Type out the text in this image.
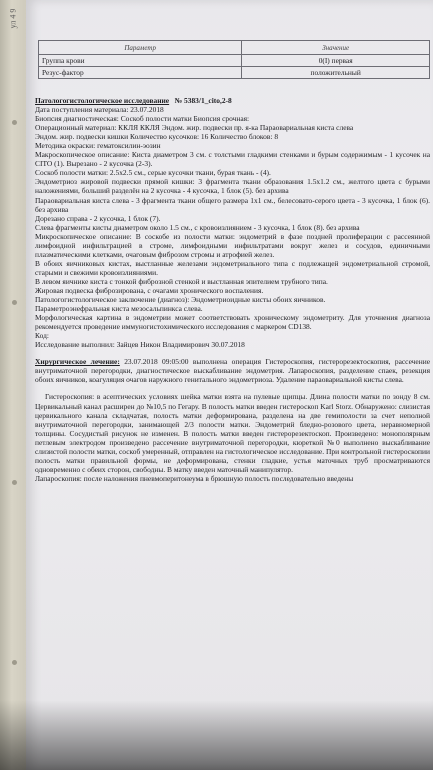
ул 4 9
Параметр	Значение
Группа крови	0(I) первая
Резус-фактор	положительный

Патологогистологическое исследование № 5383/1_cito,2-8

Дата поступления материала: 23.07.2018

Биопсия диагностическая: Соскоб полости матки Биопсия срочная:

Операционный материал: ККЛЯ ККЛЯ Эндом. жир. подвески пр. я-ка Параовариальная киста слева

Эндом. жир. подвески кишки Количество кусочков: 16 Количество блоков: 8

Методика окраски: гематоксилин-эозин

Макроскопическое описание: Киста диаметром 3 см. с толстыми гладкими стенками и бурым содержимым - 1 кусочек на CITO (1). Вырезано - 2 кусочка (2-3).

Соскоб полости матки: 2.5х2.5 см., серые кусочки ткани, бурая ткань - (4).

Эндометриоз жировой подвески прямой кишки: 3 фрагмента ткани образования 1.5х1.2 см., желтого цвета с бурыми наложениями, больший разделён на 2 кусочка - 4 кусочка, 1 блок (5). без архива

Параовариальная киста слева - 3 фрагмента ткани общего размера 1х1 см., белесовато-серого цвета - 3 кусочка, 1 блок (6). без архива

Дорезано справа - 2 кусочка, 1 блок (7).

Слева фрагменты кисты диаметром около 1.5 см., с кровоизлиянием - 3 кусочка, 1 блок (8). без архива

Микроскопическое описание: В соскобе из полости матки: эндометрий в фазе поздней пролиферации с рассеянной лимфоидной инфильтрацией в строме, лимфоидными инфильтратами вокруг желез и сосудов, единичными плазматическими клетками, очаговым фиброзом стромы и атрофией желез.

В обоих яичниковых кистах, выстланные железами эндометриального типа с подлежащей эндометриальной стромой, старыми и свежими кровоизлияниями.

В левом яичнике киста с тонкой фиброзной стенкой и выстланная эпителием трубного типа.

Жировая подвеска фиброзирована, с очагами хронического воспаления.

Патологогистологическое заключение (диагноз): Эндометриоидные кисты обоих яичников.

Параметроэнефральная киста мезосальпинкса слева.

Морфологическая картина в эндометрии может соответствовать хроническому эндометриту. Для уточнения диагноза рекомендуется проведение иммуногистохимического исследования с маркером CD138.

Код:

Исследование выполнил: Зайцев Никон Владимирович 30.07.2018

Хирургическое лечение: 23.07.2018 09:05:00 выполнена операция Гистероскопия, гистерорезектоскопия, рассечение внутриматочной перегородки, диагностическое выскабливание эндометрия. Лапароскопия, разделение спаек, резекция обоих яичников, коагуляция очагов наружного генитального эндометриоза. Удаление параовариальной кисты слева.

Гистероскопия: в асептических условиях шейка матки взята на пулевые щипцы. Длина полости матки по зонду 8 см. Цервикальный канал расширен до №10,5 по Гегару. В полость матки введен гистероскоп Karl Storz. Обнаружено: слизистая цервикального канала складчатая, полость матки деформирована, разделена на две гемиполости за счет неполной внутриматочной перегородки, занимающей 2/3 полости матки. Эндометрий бледно-розового цвета, неравномерной толщины. Сосудистый рисунок не изменен. В полость матки введен гистерорезектоскоп. Произведено: монополярным петлевым электродом произведено рассечение внутриматочной перегородки, кюреткой №0 выполнено выскабливание слизистой полости матки, соскоб умеренный, отправлен на гистологическое исследование. При контрольной гистероскопии полость матки правильной формы, не деформирована, стенки гладкие, устья маточных труб просматриваются одновременно с обеих сторон, свободны. В матку введен маточный манипулятор.

Лапароскопия: после наложения пневмоперитонеума в брюшную полость последовательно введены
